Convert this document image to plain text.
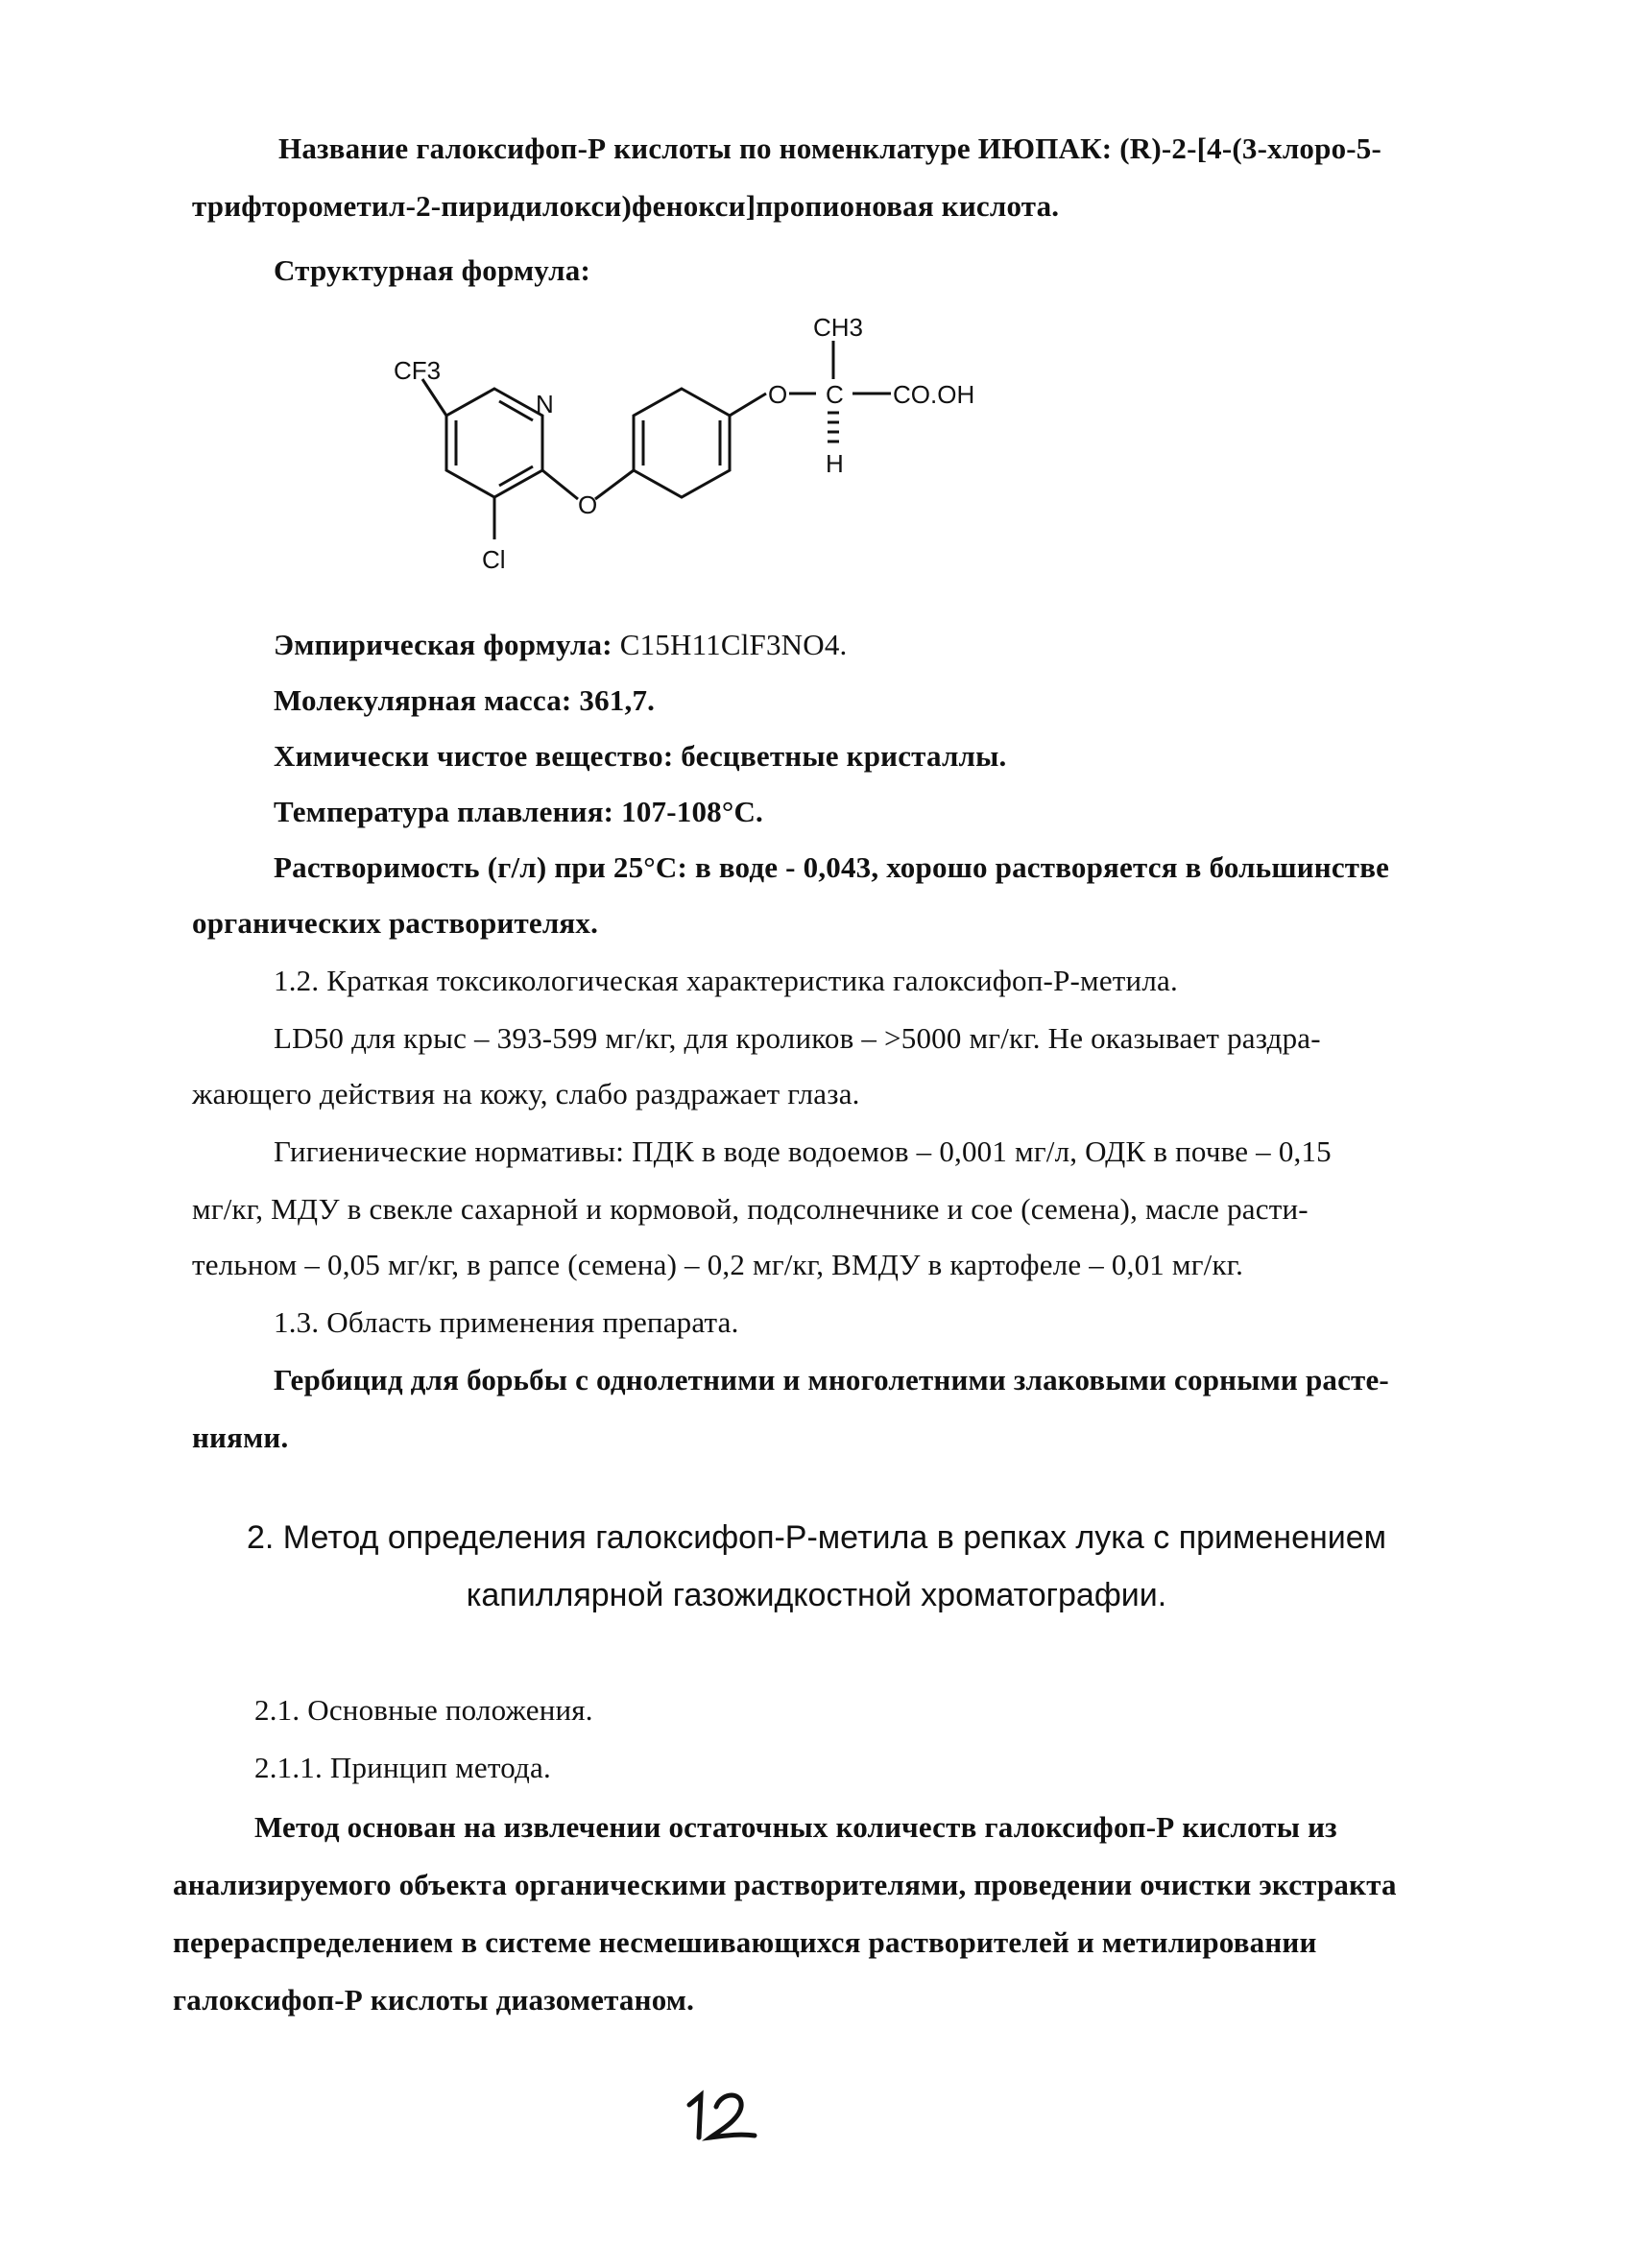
Название галоксифоп-Р кислоты по номенклатуре ИЮПАК: (R)-2-[4-(3-хлоро-5-
трифторометил-2-пиридилокси)фенокси]пропионовая кислота.
Структурная формула:
CH3
CF3
N
O
O C CO.OH
H
Cl
Эмпирическая формула: C15H11ClF3NO4.
Молекулярная масса: 361,7.
Химически чистое вещество: бесцветные кристаллы.
Температура плавления: 107-108°С.
Растворимость (г/л) при 25°С: в воде - 0,043, хорошо растворяется в большинстве
органических растворителях.
1.2. Краткая токсикологическая характеристика галоксифоп-Р-метила.
LD50 для крыс – 393-599 мг/кг, для кроликов – >5000 мг/кг. Не оказывает раздра-
жающего действия на кожу, слабо раздражает глаза.
Гигиенические нормативы: ПДК в воде водоемов – 0,001 мг/л, ОДК в почве – 0,15
мг/кг, МДУ в свекле сахарной и кормовой, подсолнечнике и сое (семена), масле расти-
тельном – 0,05 мг/кг, в рапсе (семена) – 0,2 мг/кг, ВМДУ в картофеле – 0,01 мг/кг.
1.3. Область применения препарата.
Гербицид для борьбы с однолетними и многолетними злаковыми сорными расте-
ниями.
2. Метод определения галоксифоп-Р-метила в репках лука с применением
капиллярной газожидкостной хроматографии.
2.1. Основные положения.
2.1.1. Принцип метода.
Метод основан на извлечении остаточных количеств галоксифоп-Р кислоты из
анализируемого объекта органическими растворителями, проведении очистки экстракта
перераспределением в системе несмешивающихся растворителей и метилировании
галоксифоп-Р кислоты диазометаном.
